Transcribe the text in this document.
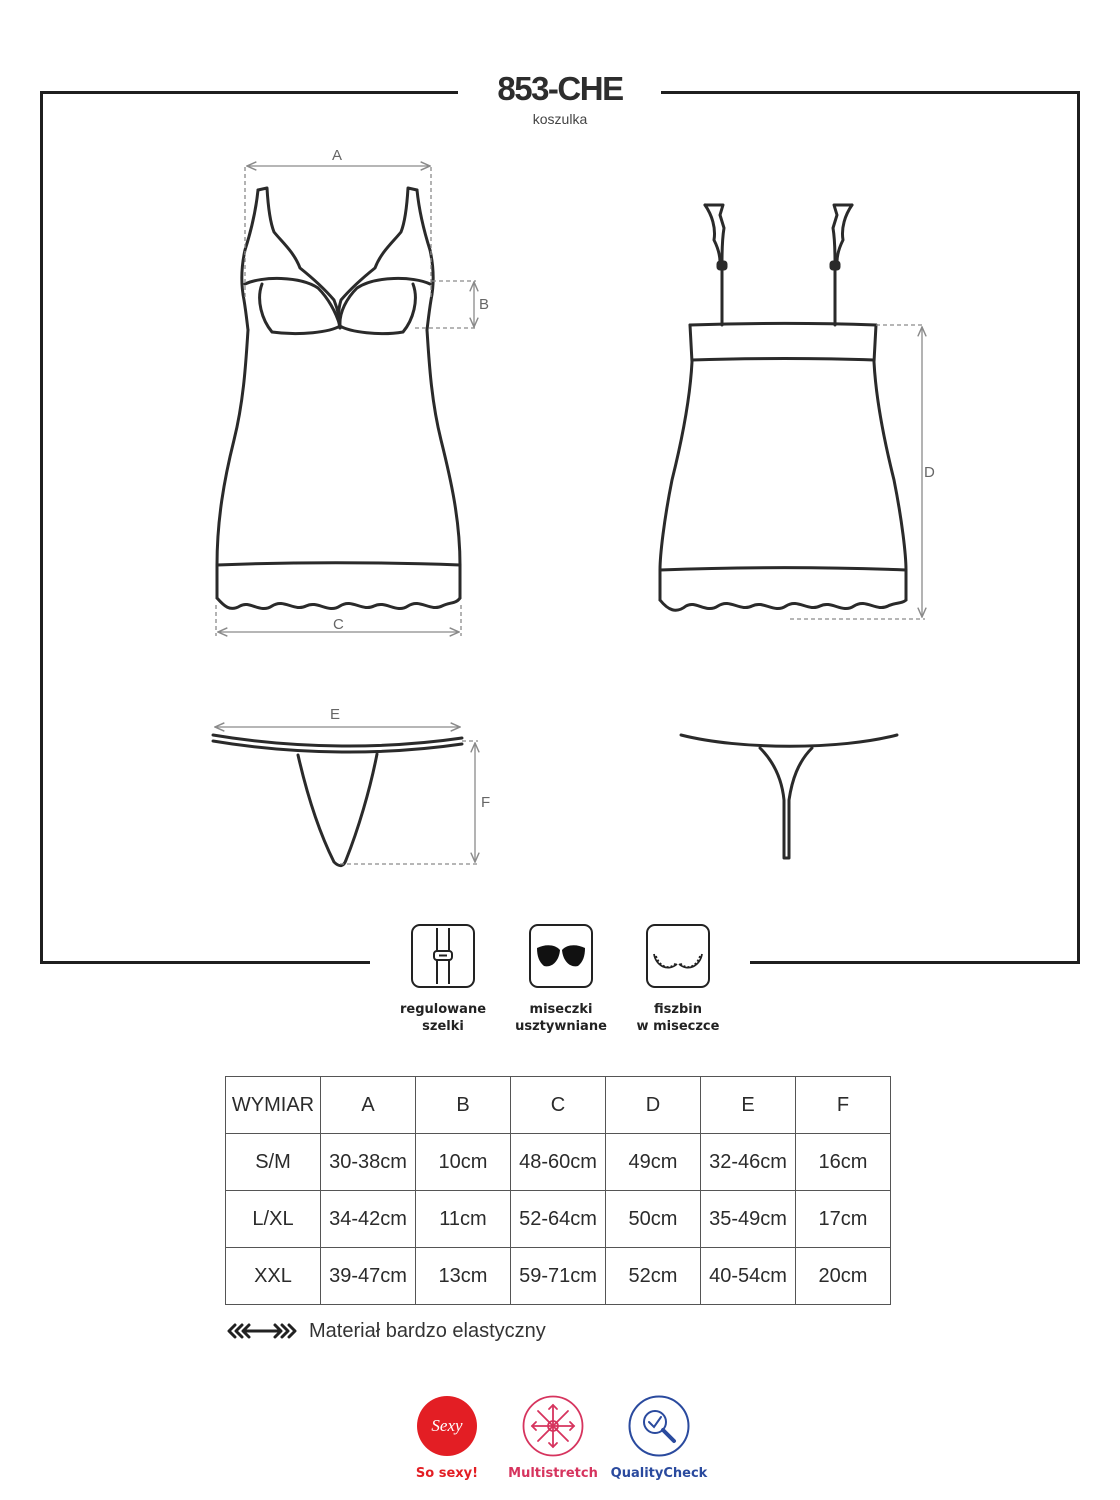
853-CHE
koszulka
A
B
C
D
E
F
regulowane
szelki
miseczki
usztywniane
fiszbin
w miseczce
WYMIAR	A	B	C	D	E	F
S/M	30-38cm	10cm	48-60cm	49cm	32-46cm	16cm
L/XL	34-42cm	11cm	52-64cm	50cm	35-49cm	17cm
XXL	39-47cm	13cm	59-71cm	52cm	40-54cm	20cm
Materiał bardzo elastyczny
Sexy
So sexy!	Multistretch QualityCheck
